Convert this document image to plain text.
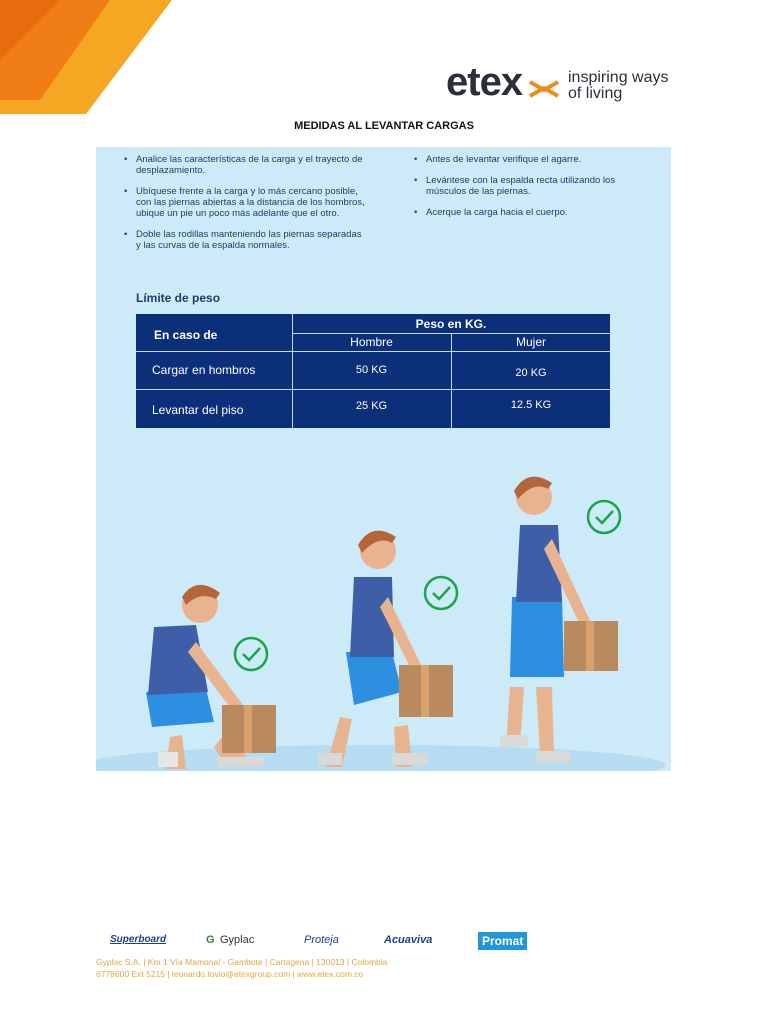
etex	inspiring ways
of living
MEDIDAS AL LEVANTAR CARGAS
• Analice las características de la carga y el trayecto de desplazamiento.
• Ubíquese frente a la carga y lo más cercano posible, con las piernas abiertas a la distancia de los hombros, ubique un pie un poco más adelante que el otro.
• Doble las rodillas manteniendo las piernas separadas y las curvas de la espalda normales.
• Antes de levantar verifique el agarre.
• Levántese con la espalda recta utilizando los músculos de las piernas.
• Acerque la carga hacia el cuerpo.
Límite de peso
En caso de
Peso en KG.
Hombre	Mujer
Cargar en hombros	50 KG	20 KG
Levantar del piso	25 KG	12.5 KG
Superboard	G Gyplac	Proteja	Acuaviva	Promat
Gyplac S.A. | Km 1 Vía Mamonal - Gambote | Cartagena | 130013 | Colombia
6778600 Ext 5215 | leonardo.tovio@etexgroup.com | www.etex.com.co
